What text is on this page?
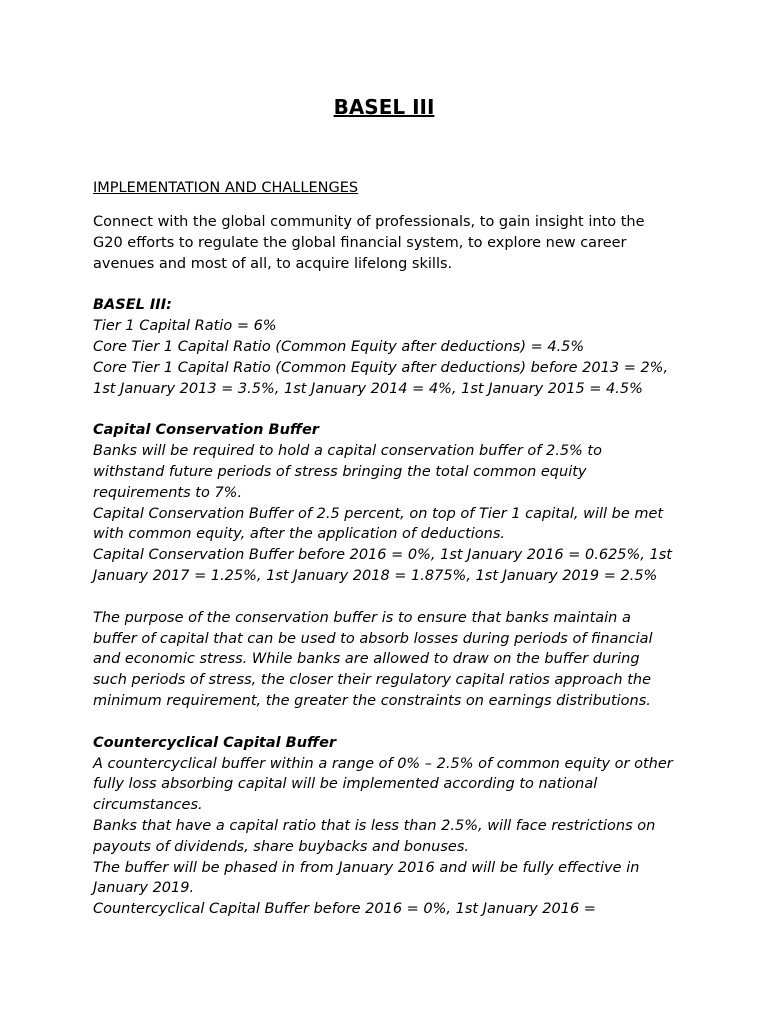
BASEL III

IMPLEMENTATION AND CHALLENGES

Connect with the global community of professionals, to gain insight into the G20 efforts to regulate the global financial system, to explore new career avenues and most of all, to acquire lifelong skills.

BASEL III:

Tier 1 Capital Ratio = 6%

Core Tier 1 Capital Ratio (Common Equity after deductions) = 4.5%

Core Tier 1 Capital Ratio (Common Equity after deductions) before 2013 = 2%, 1st January 2013 = 3.5%, 1st January 2014 = 4%, 1st January 2015 = 4.5%

Capital Conservation Buffer

Banks will be required to hold a capital conservation buffer of 2.5% to withstand future periods of stress bringing the total common equity requirements to 7%.

Capital Conservation Buffer of 2.5 percent, on top of Tier 1 capital, will be met with common equity, after the application of deductions.

Capital Conservation Buffer before 2016 = 0%, 1st January 2016 = 0.625%, 1st January 2017 = 1.25%, 1st January 2018 = 1.875%, 1st January 2019 = 2.5%

The purpose of the conservation buffer is to ensure that banks maintain a buffer of capital that can be used to absorb losses during periods of financial and economic stress. While banks are allowed to draw on the buffer during such periods of stress, the closer their regulatory capital ratios approach the minimum requirement, the greater the constraints on earnings distributions.

Countercyclical Capital Buffer

A countercyclical buffer within a range of 0% – 2.5% of common equity or other fully loss absorbing capital will be implemented according to national circumstances.

Banks that have a capital ratio that is less than 2.5%, will face restrictions on payouts of dividends, share buybacks and bonuses.

The buffer will be phased in from January 2016 and will be fully effective in January 2019.

Countercyclical Capital Buffer before 2016 = 0%, 1st January 2016 =
